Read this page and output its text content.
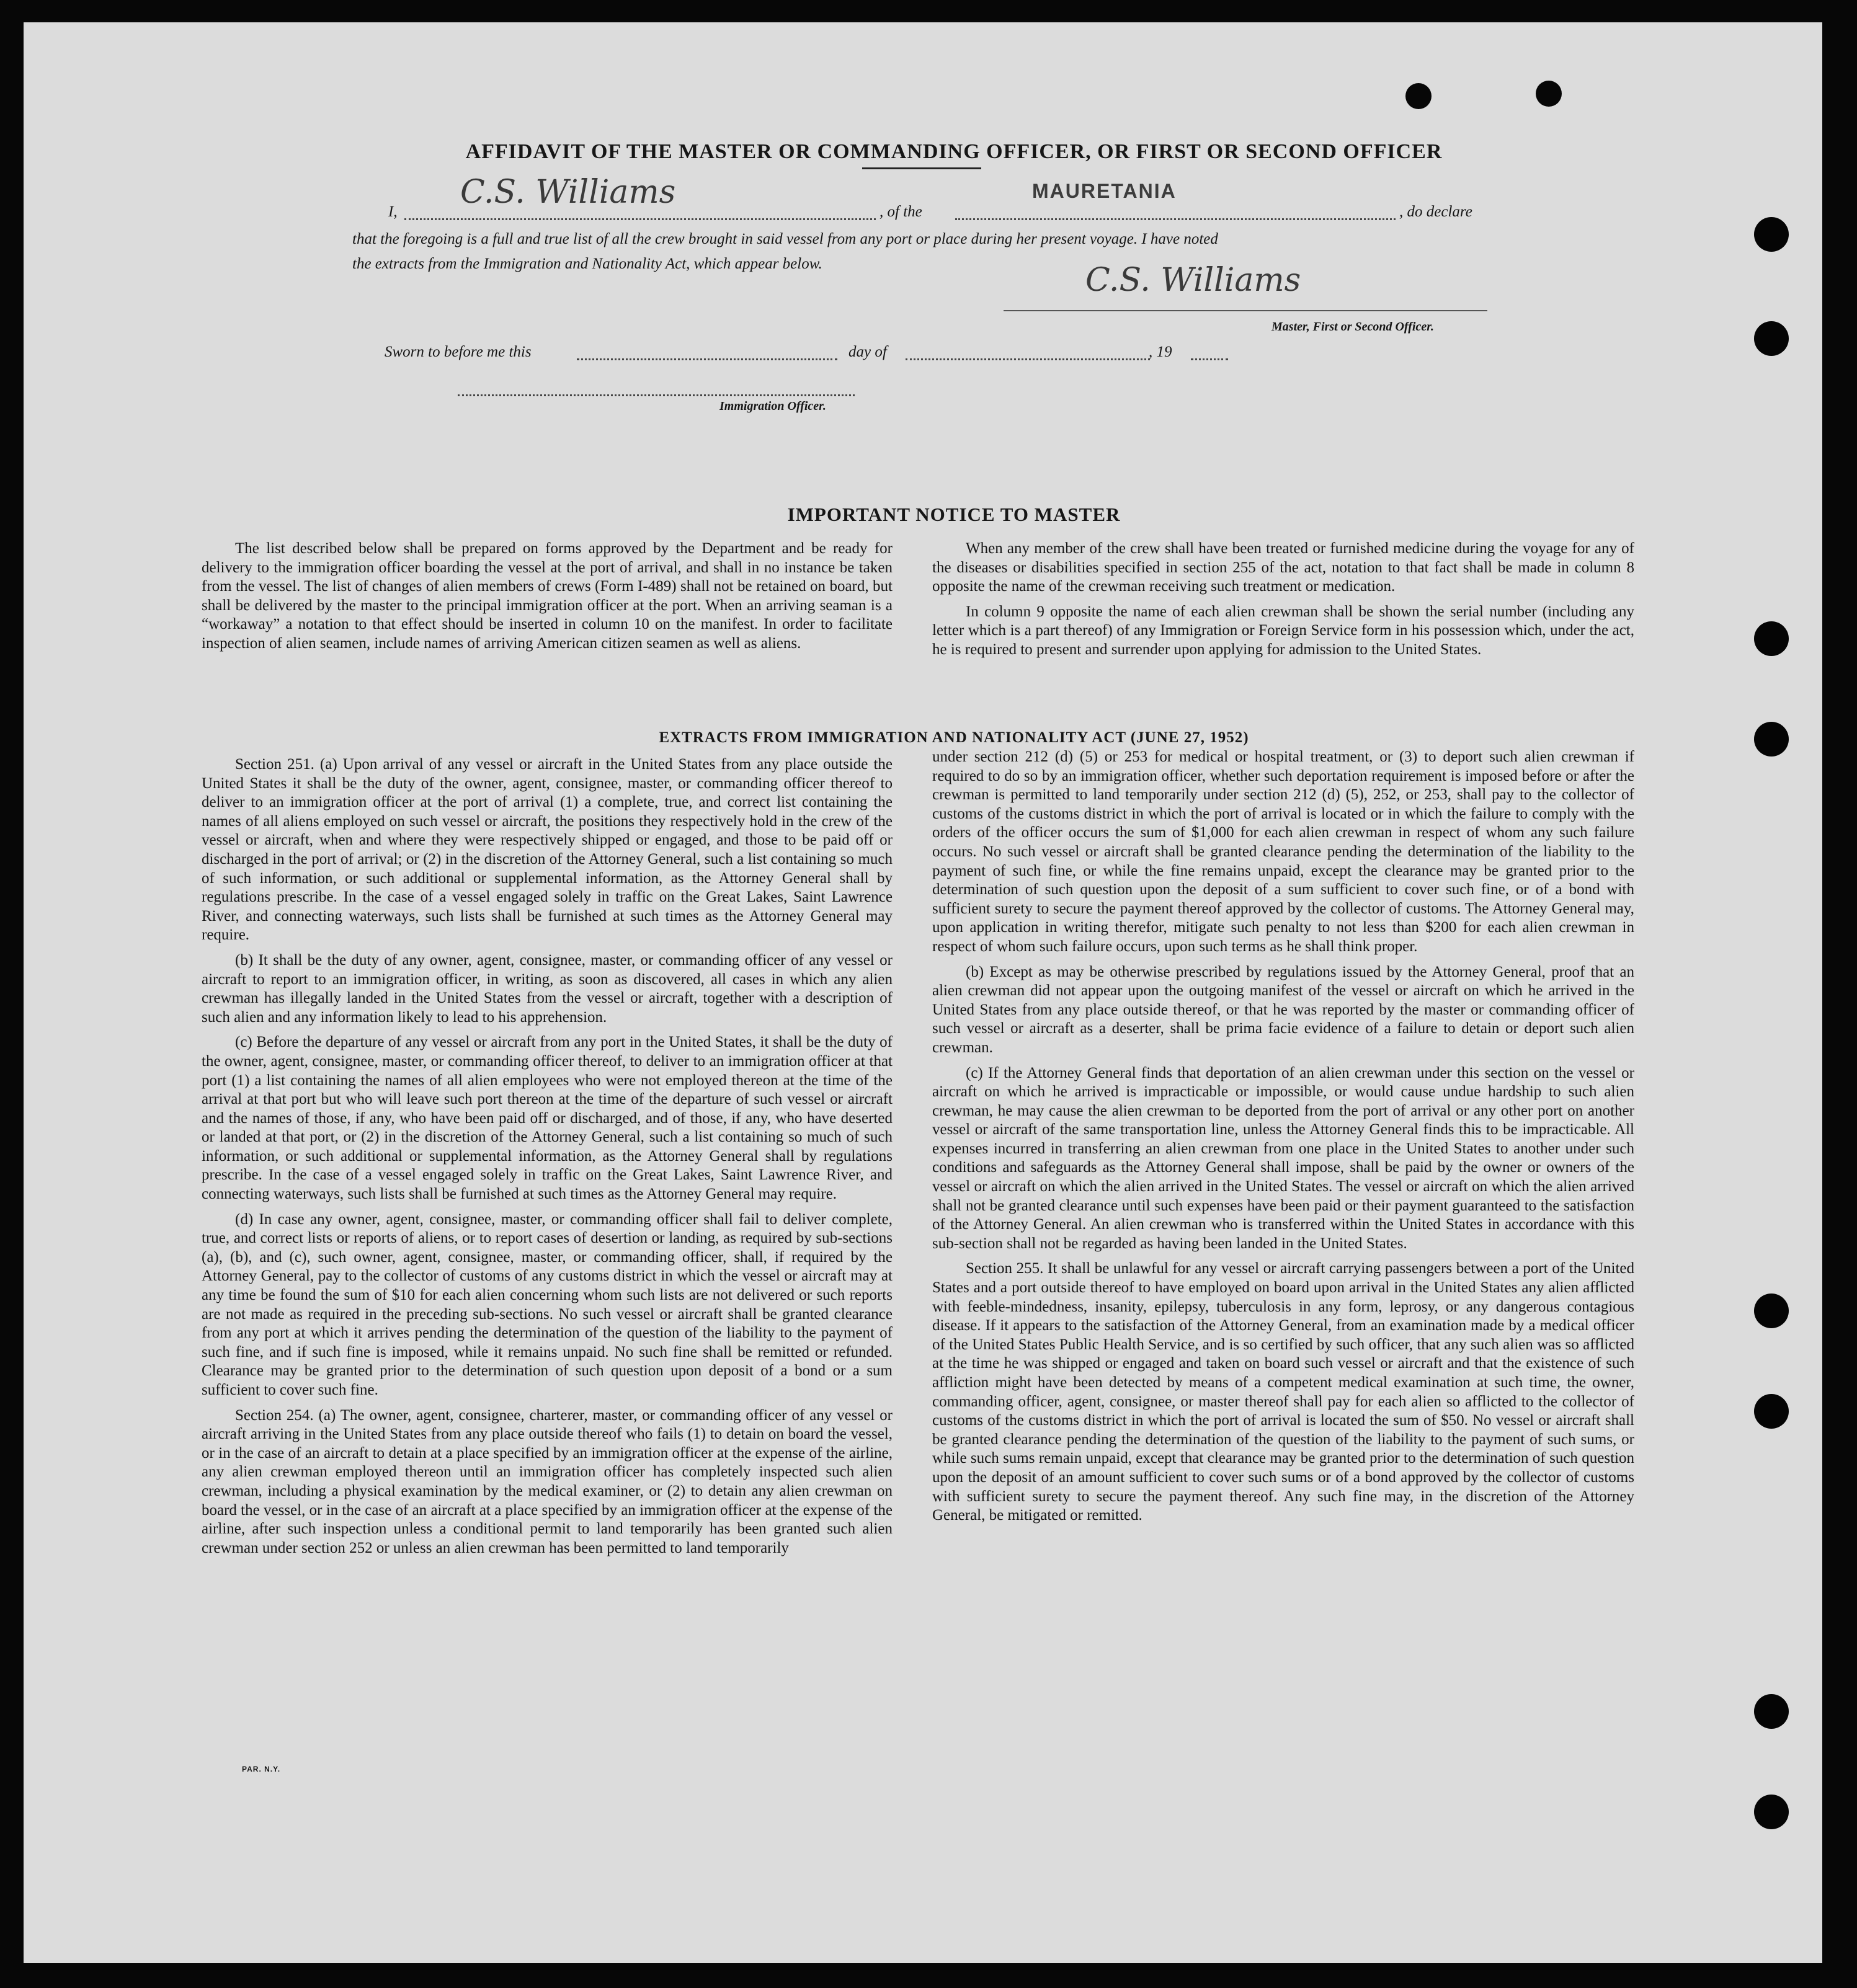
AFFIDAVIT OF THE MASTER OR COMMANDING OFFICER, OR FIRST OR SECOND OFFICER
I,
C.S. Williams
, of the
MAURETANIA
, do declare
that the foregoing is a full and true list of all the crew brought in said vessel from any port or place during her present voyage. I have noted
the extracts from the Immigration and Nationality Act, which appear below.	C.S. Williams
Master, First or Second Officer.
Sworn to before me this	day of	, 19
Immigration Officer.
IMPORTANT NOTICE TO MASTER

The list described below shall be prepared on forms approved by the Department and be ready for delivery to the immigration officer boarding the vessel at the port of arrival, and shall in no instance be taken from the vessel. The list of changes of alien members of crews (Form I-489) shall not be retained on board, but shall be delivered by the master to the principal immigration officer at the port. When an arriving seaman is a “workaway” a notation to that effect should be inserted in column 10 on the manifest. In order to facilitate inspection of alien seamen, include names of arriving American citizen seamen as well as aliens.

When any member of the crew shall have been treated or furnished medicine during the voyage for any of the diseases or disabilities specified in section 255 of the act, notation to that fact shall be made in column 8 opposite the name of the crewman receiving such treatment or medication.

In column 9 opposite the name of each alien crewman shall be shown the serial number (including any letter which is a part thereof) of any Immigration or Foreign Service form in his possession which, under the act, he is required to present and surrender upon applying for admission to the United States.

EXTRACTS FROM IMMIGRATION AND NATIONALITY ACT (JUNE 27, 1952)

Section 251. (a) Upon arrival of any vessel or aircraft in the United States from any place outside the United States it shall be the duty of the owner, agent, consignee, master, or commanding officer thereof to deliver to an immigration officer at the port of arrival (1) a complete, true, and correct list containing the names of all aliens employed on such vessel or aircraft, the positions they respectively hold in the crew of the vessel or aircraft, when and where they were respectively shipped or engaged, and those to be paid off or discharged in the port of arrival; or (2) in the discretion of the Attorney General, such a list containing so much of such information, or such additional or supplemental information, as the Attorney General shall by regulations prescribe. In the case of a vessel engaged solely in traffic on the Great Lakes, Saint Lawrence River, and connecting waterways, such lists shall be furnished at such times as the Attorney General may require.

(b) It shall be the duty of any owner, agent, consignee, master, or commanding officer of any vessel or aircraft to report to an immigration officer, in writing, as soon as discovered, all cases in which any alien crewman has illegally landed in the United States from the vessel or aircraft, together with a description of such alien and any information likely to lead to his apprehension.

(c) Before the departure of any vessel or aircraft from any port in the United States, it shall be the duty of the owner, agent, consignee, master, or commanding officer thereof, to deliver to an immigration officer at that port (1) a list containing the names of all alien employees who were not employed thereon at the time of the arrival at that port but who will leave such port thereon at the time of the departure of such vessel or aircraft and the names of those, if any, who have been paid off or discharged, and of those, if any, who have deserted or landed at that port, or (2) in the discretion of the Attorney General, such a list containing so much of such information, or such additional or supplemental information, as the Attorney General shall by regulations prescribe. In the case of a vessel engaged solely in traffic on the Great Lakes, Saint Lawrence River, and connecting waterways, such lists shall be furnished at such times as the Attorney General may require.

(d) In case any owner, agent, consignee, master, or commanding officer shall fail to deliver complete, true, and correct lists or reports of aliens, or to report cases of desertion or landing, as required by sub-sections (a), (b), and (c), such owner, agent, consignee, master, or commanding officer, shall, if required by the Attorney General, pay to the collector of customs of any customs district in which the vessel or aircraft may at any time be found the sum of $10 for each alien concerning whom such lists are not delivered or such reports are not made as required in the preceding sub-sections. No such vessel or aircraft shall be granted clearance from any port at which it arrives pending the determination of the question of the liability to the payment of such fine, and if such fine is imposed, while it remains unpaid. No such fine shall be remitted or refunded. Clearance may be granted prior to the determination of such question upon deposit of a bond or a sum sufficient to cover such fine.

Section 254. (a) The owner, agent, consignee, charterer, master, or commanding officer of any vessel or aircraft arriving in the United States from any place outside thereof who fails (1) to detain on board the vessel, or in the case of an aircraft to detain at a place specified by an immigration officer at the expense of the airline, any alien crewman employed thereon until an immigration officer has completely inspected such alien crewman, including a physical examination by the medical examiner, or (2) to detain any alien crewman on board the vessel, or in the case of an aircraft at a place specified by an immigration officer at the expense of the airline, after such inspection unless a conditional permit to land temporarily has been granted such alien crewman under section 252 or unless an alien crewman has been permitted to land temporarily

under section 212 (d) (5) or 253 for medical or hospital treatment, or (3) to deport such alien crewman if required to do so by an immigration officer, whether such deportation requirement is imposed before or after the crewman is permitted to land temporarily under section 212 (d) (5), 252, or 253, shall pay to the collector of customs of the customs district in which the port of arrival is located or in which the failure to comply with the orders of the officer occurs the sum of $1,000 for each alien crewman in respect of whom any such failure occurs. No such vessel or aircraft shall be granted clearance pending the determination of the liability to the payment of such fine, or while the fine remains unpaid, except the clearance may be granted prior to the determination of such question upon the deposit of a sum sufficient to cover such fine, or of a bond with sufficient surety to secure the payment thereof approved by the collector of customs. The Attorney General may, upon application in writing therefor, mitigate such penalty to not less than $200 for each alien crewman in respect of whom such failure occurs, upon such terms as he shall think proper.

(b) Except as may be otherwise prescribed by regulations issued by the Attorney General, proof that an alien crewman did not appear upon the outgoing manifest of the vessel or aircraft on which he arrived in the United States from any place outside thereof, or that he was reported by the master or commanding officer of such vessel or aircraft as a deserter, shall be prima facie evidence of a failure to detain or deport such alien crewman.

(c) If the Attorney General finds that deportation of an alien crewman under this section on the vessel or aircraft on which he arrived is impracticable or impossible, or would cause undue hardship to such alien crewman, he may cause the alien crewman to be deported from the port of arrival or any other port on another vessel or aircraft of the same transportation line, unless the Attorney General finds this to be impracticable. All expenses incurred in transferring an alien crewman from one place in the United States to another under such conditions and safeguards as the Attorney General shall impose, shall be paid by the owner or owners of the vessel or aircraft on which the alien arrived in the United States. The vessel or aircraft on which the alien arrived shall not be granted clearance until such expenses have been paid or their payment guaranteed to the satisfaction of the Attorney General. An alien crewman who is transferred within the United States in accordance with this sub-section shall not be regarded as having been landed in the United States.

Section 255. It shall be unlawful for any vessel or aircraft carrying passengers between a port of the United States and a port outside thereof to have employed on board upon arrival in the United States any alien afflicted with feeble-mindedness, insanity, epilepsy, tuberculosis in any form, leprosy, or any dangerous contagious disease. If it appears to the satisfaction of the Attorney General, from an examination made by a medical officer of the United States Public Health Service, and is so certified by such officer, that any such alien was so afflicted at the time he was shipped or engaged and taken on board such vessel or aircraft and that the existence of such affliction might have been detected by means of a competent medical examination at such time, the owner, commanding officer, agent, consignee, or master thereof shall pay for each alien so afflicted to the collector of customs of the customs district in which the port of arrival is located the sum of $50. No vessel or aircraft shall be granted clearance pending the determination of the question of the liability to the payment of such sums, or while such sums remain unpaid, except that clearance may be granted prior to the determination of such question upon the deposit of an amount sufficient to cover such sums or of a bond approved by the collector of customs with sufficient surety to secure the payment thereof. Any such fine may, in the discretion of the Attorney General, be mitigated or remitted.

PAR. N.Y.
